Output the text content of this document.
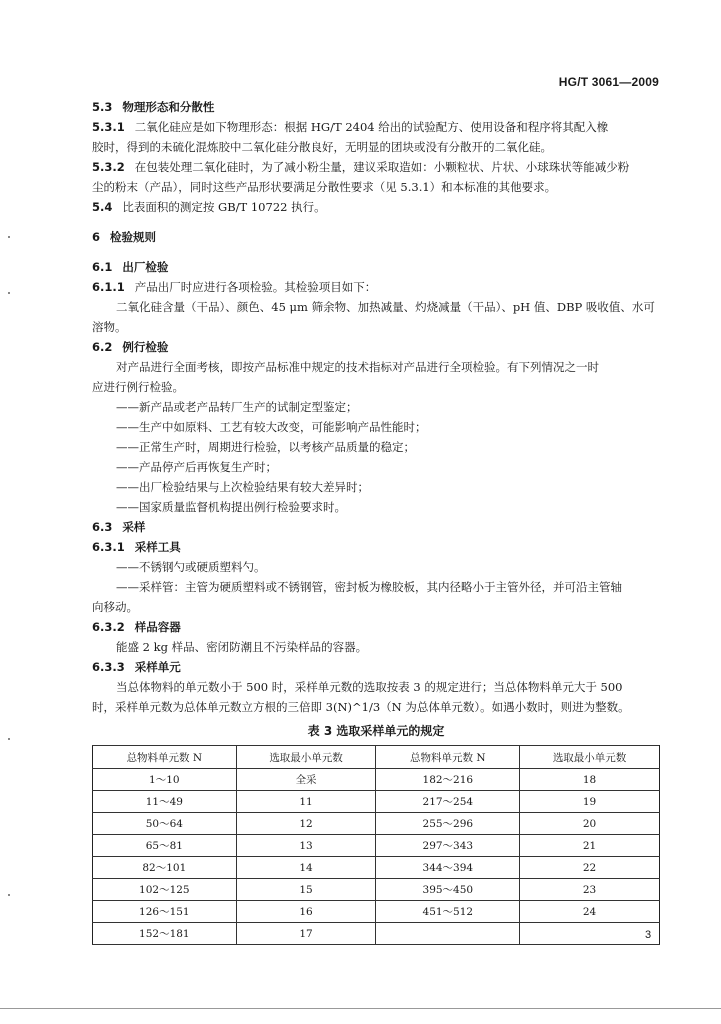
HG/T 3061—2009
5.3 物理形态和分散性
5.3.1 二氧化硅应是如下物理形态：根据 HG/T 2404 给出的试验配方、使用设备和程序将其配入橡
胶时，得到的未硫化混炼胶中二氧化硅分散良好，无明显的团块或没有分散开的二氧化硅。
5.3.2 在包装处理二氧化硅时，为了减小粉尘量，建议采取造如：小颗粒状、片状、小球珠状等能减少粉
尘的粉末（产品），同时这些产品形状要满足分散性要求（见 5.3.1）和本标准的其他要求。
5.4 比表面积的测定按 GB/T 10722 执行。
6 检验规则
6.1 出厂检验
6.1.1 产品出厂时应进行各项检验。其检验项目如下：
二氧化硅含量（干品）、颜色、45 μm 筛余物、加热减量、灼烧减量（干品）、pH 值、DBP 吸收值、水可
溶物。
6.2 例行检验
对产品进行全面考核，即按产品标准中规定的技术指标对产品进行全项检验。有下列情况之一时
应进行例行检验。
——新产品或老产品转厂生产的试制定型鉴定；
——生产中如原料、工艺有较大改变，可能影响产品性能时；
——正常生产时，周期进行检验，以考核产品质量的稳定；
——产品停产后再恢复生产时；
——出厂检验结果与上次检验结果有较大差异时；
——国家质量监督机构提出例行检验要求时。
6.3 采样
6.3.1 采样工具
——不锈钢勺或硬质塑料勺。
——采样管：主管为硬质塑料或不锈钢管，密封板为橡胶板，其内径略小于主管外径，并可沿主管轴
向移动。
6.3.2 样品容器
能盛 2 kg 样品、密闭防潮且不污染样品的容器。
6.3.3 采样单元
当总体物料的单元数小于 500 时，采样单元数的选取按表 3 的规定进行；当总体物料单元大于 500
时，采样单元数为总体单元数立方根的三倍即 3(N)^1/3（N 为总体单元数）。如遇小数时，则进为整数。
表 3 选取采样单元的规定
总物料单元数 N	选取最小单元数	总物料单元数 N	选取最小单元数
1～10	全采	182～216	18
11～49	11	217～254	19
50～64	12	255～296	20
65～81	13	297～343	21
82～101	14	344～394	22
102～125	15	395～450	23
126～151	16	451～512	24
152～181	17			3
